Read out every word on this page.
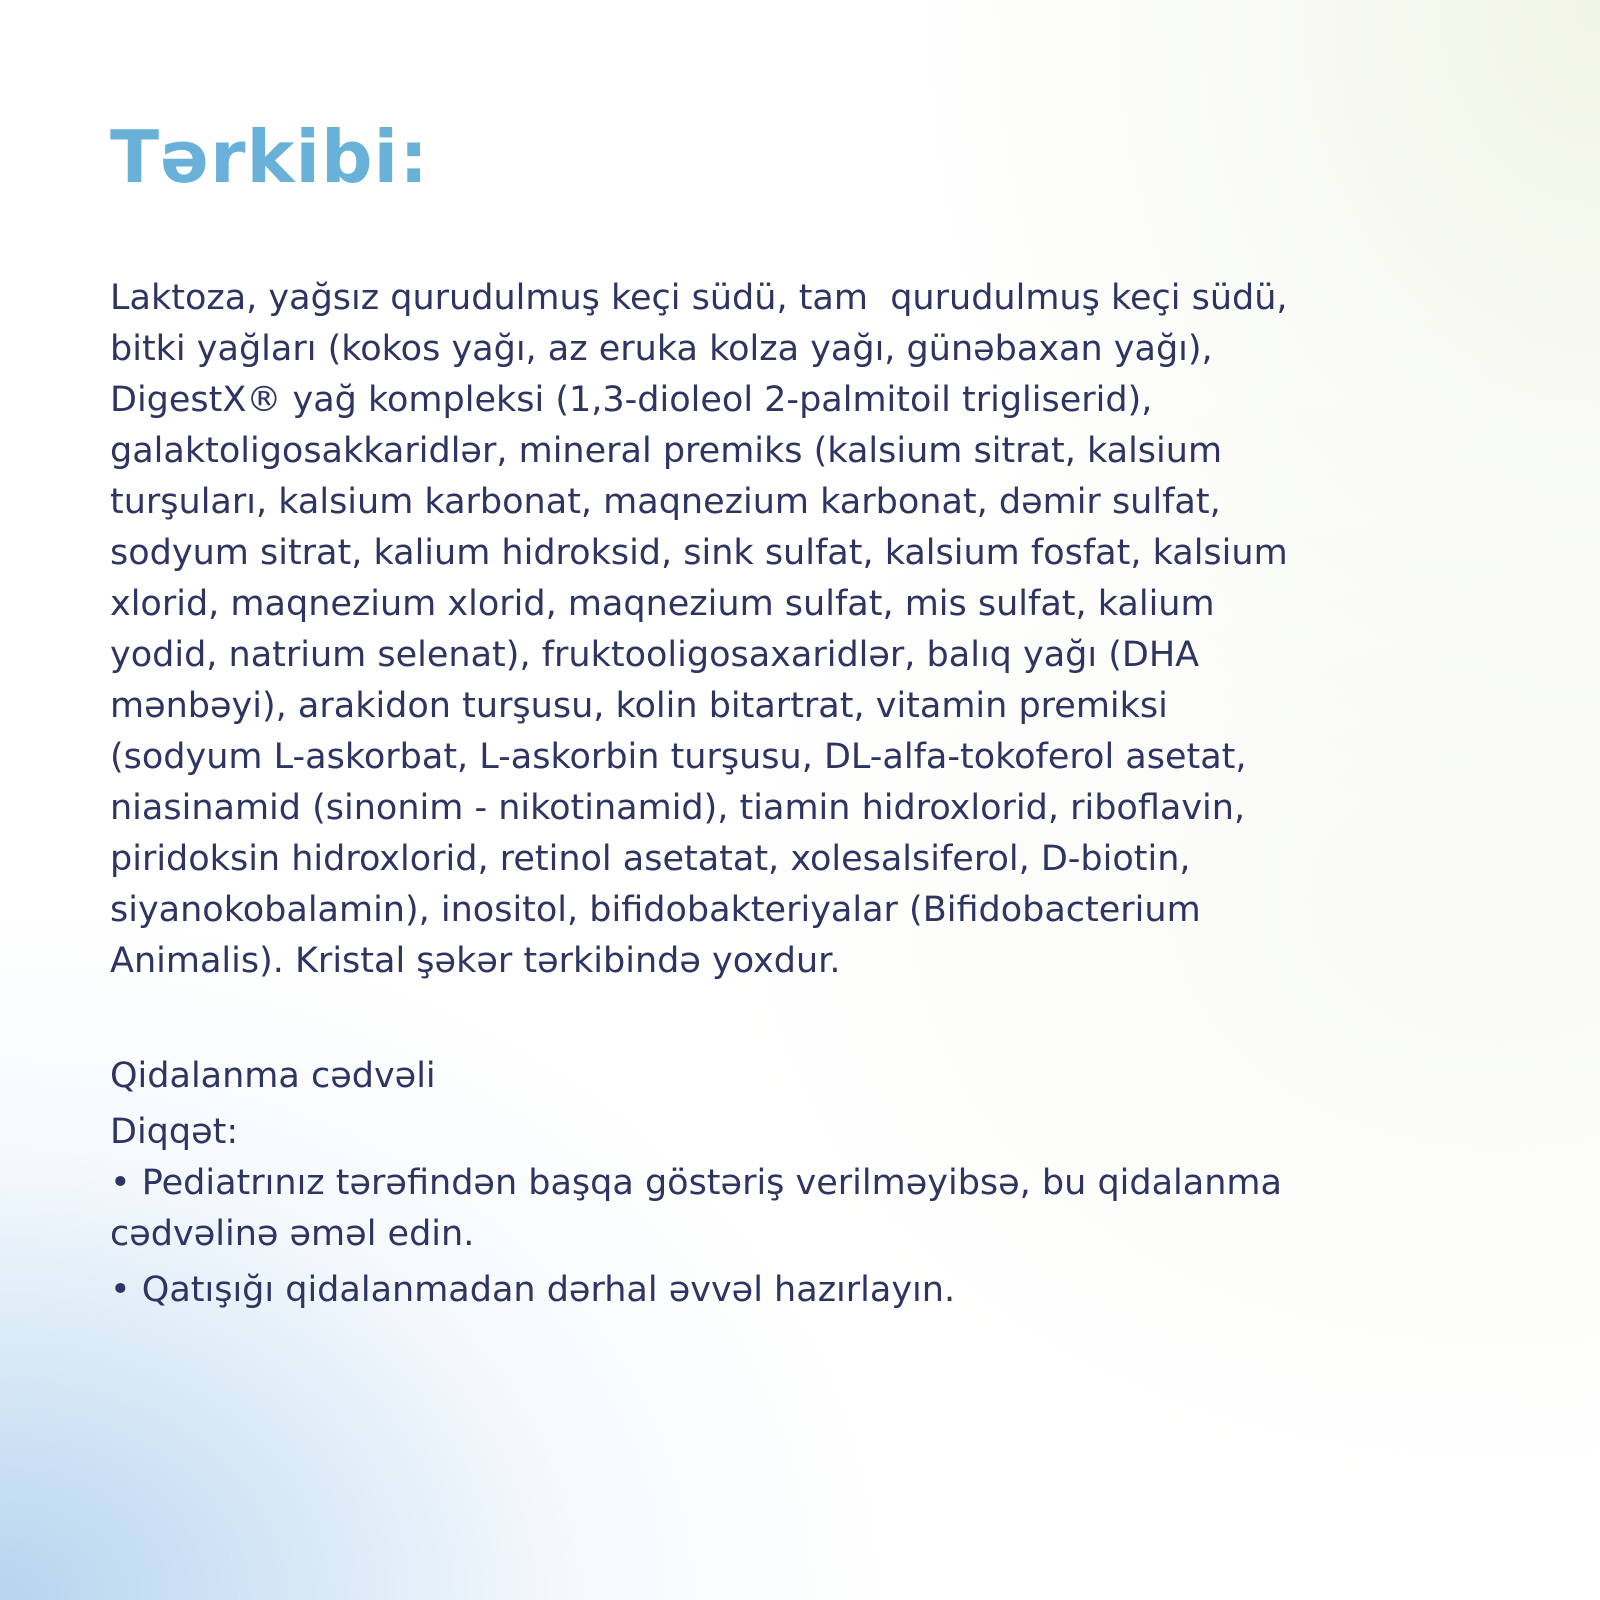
Tərkibi:

Laktoza, yağsız qurudulmuş keçi südü, tam  qurudulmuş keçi südü,
bitki yağları (kokos yağı, az eruka kolza yağı, günəbaxan yağı),
DigestX® yağ kompleksi (1,3-dioleol 2-palmitoil trigliserid),
galaktoligosakkaridlər, mineral premiks (kalsium sitrat, kalsium
turşuları, kalsium karbonat, maqnezium karbonat, dəmir sulfat,
sodyum sitrat, kalium hidroksid, sink sulfat, kalsium fosfat, kalsium
xlorid, maqnezium xlorid, maqnezium sulfat, mis sulfat, kalium
yodid, natrium selenat), fruktooligosaxaridlər, balıq yağı (DHA
mənbəyi), arakidon turşusu, kolin bitartrat, vitamin premiksi
(sodyum L-askorbat, L-askorbin turşusu, DL-alfa-tokoferol asetat,
niasinamid (sinonim - nikotinamid), tiamin hidroxlorid, riboflavin,
piridoksin hidroxlorid, retinol asetatat, xolesalsiferol, D-biotin,
siyanokobalamin), inositol, bifidobakteriyalar (Bifidobacterium
Animalis). Kristal şəkər tərkibində yoxdur.

Qidalanma cədvəli

Diqqət:

• Pediatrınız tərəfindən başqa göstəriş verilməyibsə, bu qidalanma
cədvəlinə əməl edin.
• Qatışığı qidalanmadan dərhal əvvəl hazırlayın.
